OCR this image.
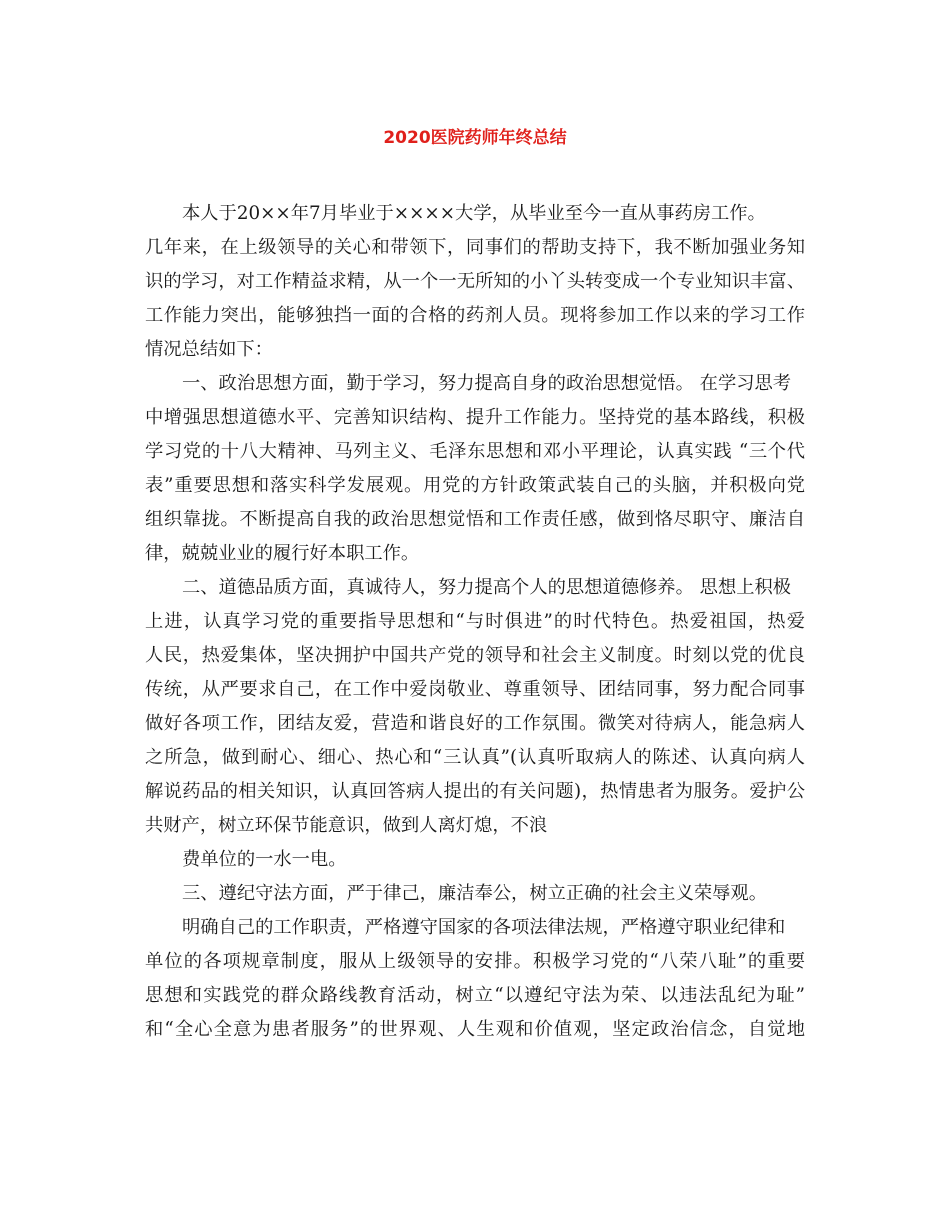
2020医院药师年终总结
本人于20××年7月毕业于××××大学，从毕业至今一直从事药房工作。
几年来，在上级领导的关心和带领下，同事们的帮助支持下，我不断加强业务知
识的学习，对工作精益求精，从一个一无所知的小丫头转变成一个专业知识丰富、
工作能力突出，能够独挡一面的合格的药剂人员。现将参加工作以来的学习工作
情况总结如下：
一、政治思想方面，勤于学习，努力提高自身的政治思想觉悟。 在学习思考
中增强思想道德水平、完善知识结构、提升工作能力。坚持党的基本路线，积极
学习党的十八大精神、马列主义、毛泽东思想和邓小平理论，认真实践 “三个代
表”重要思想和落实科学发展观。用党的方针政策武装自己的头脑，并积极向党
组织靠拢。不断提高自我的政治思想觉悟和工作责任感，做到恪尽职守、廉洁自
律，兢兢业业的履行好本职工作。
二、道德品质方面，真诚待人，努力提高个人的思想道德修养。 思想上积极
上进，认真学习党的重要指导思想和“与时俱进”的时代特色。热爱祖国，热爱
人民，热爱集体，坚决拥护中国共产党的领导和社会主义制度。时刻以党的优良
传统，从严要求自己，在工作中爱岗敬业、尊重领导、团结同事，努力配合同事
做好各项工作，团结友爱，营造和谐良好的工作氛围。微笑对待病人，能急病人
之所急，做到耐心、细心、热心和“三认真”(认真听取病人的陈述、认真向病人
解说药品的相关知识，认真回答病人提出的有关问题)，热情患者为服务。爱护公
共财产，树立环保节能意识，做到人离灯熄，不浪
费单位的一水一电。
三、遵纪守法方面，严于律己，廉洁奉公，树立正确的社会主义荣辱观。
明确自己的工作职责，严格遵守国家的各项法律法规，严格遵守职业纪律和
单位的各项规章制度，服从上级领导的安排。积极学习党的“八荣八耻”的重要
思想和实践党的群众路线教育活动，树立“以遵纪守法为荣、以违法乱纪为耻”
和“全心全意为患者服务”的世界观、人生观和价值观，坚定政治信念，自觉地
